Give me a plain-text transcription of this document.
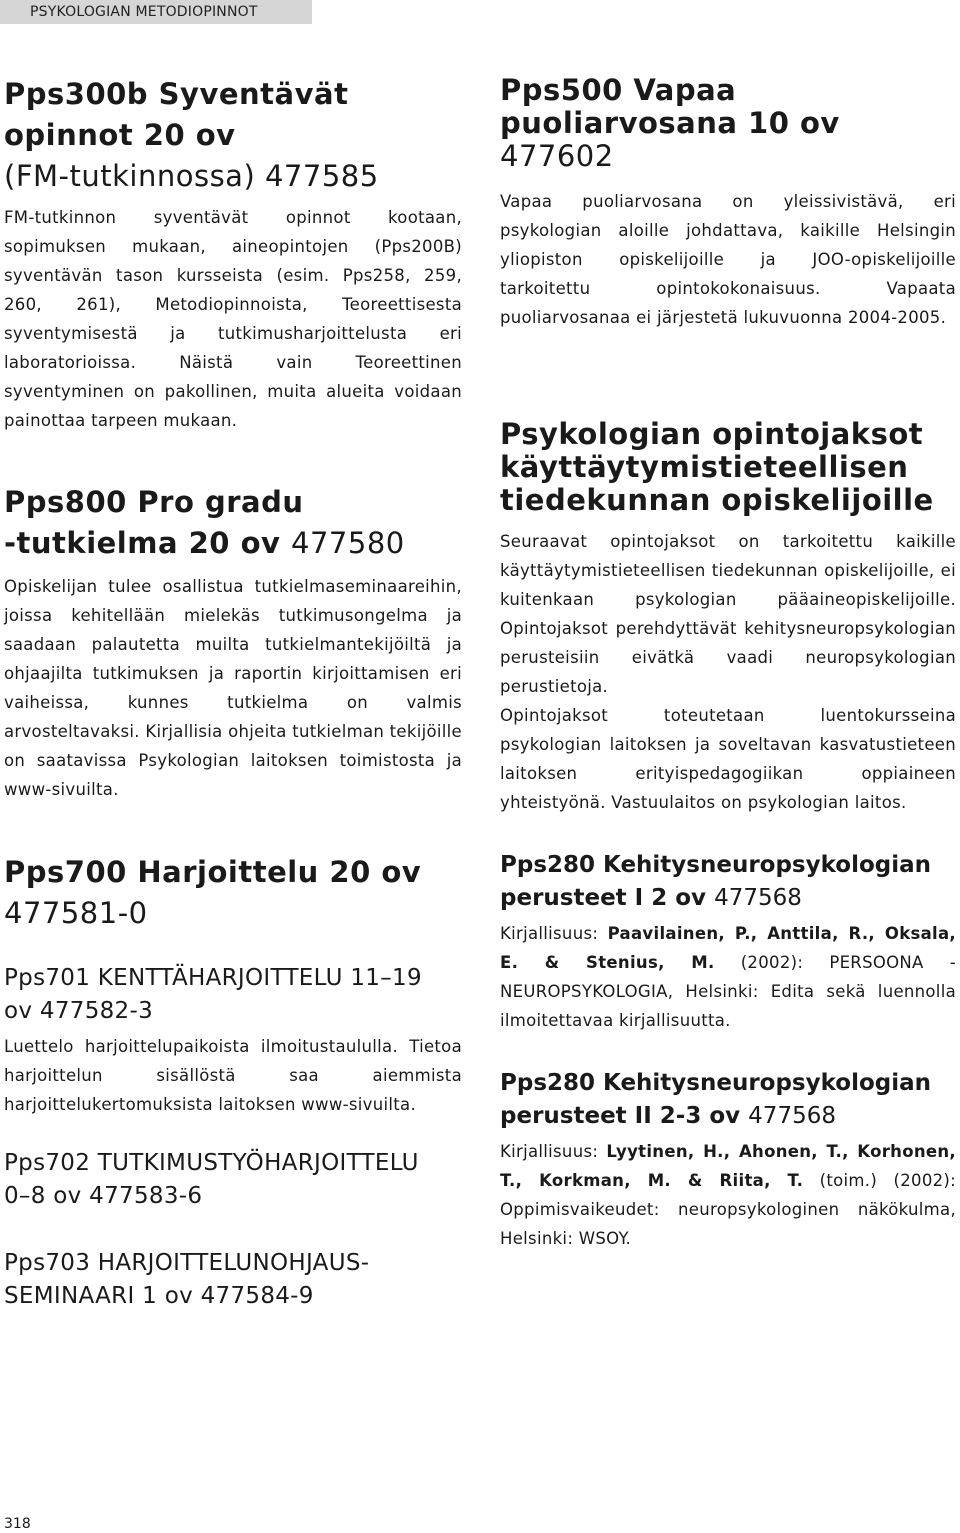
PSYKOLOGIAN METODIOPINNOT
Pps300b Syventävät
opinnot 20 ov
(FM-tutkinnossa) 477585

FM-tutkinnon syventävät opinnot kootaan, sopimuksen mukaan, aineopintojen (Pps200B) syventävän tason kursseista (esim. Pps258, 259, 260, 261), Metodiopinnoista, Teoreettisesta syventymisestä ja tutkimusharjoittelusta eri laboratorioissa. Näistä vain Teoreettinen syventyminen on pakollinen, muita alueita voidaan painottaa tarpeen mukaan.

Pps800 Pro gradu
-tutkielma 20 ov 477580

Opiskelijan tulee osallistua tutkielmaseminaareihin, joissa kehitellään mielekäs tutkimusongelma ja saadaan palautetta muilta tutkielmantekijöiltä ja ohjaajilta tutkimuksen ja raportin kirjoittamisen eri vaiheissa, kunnes tutkielma on valmis arvosteltavaksi. Kirjallisia ohjeita tutkielman tekijöille on saatavissa Psykologian laitoksen toimistosta ja www-sivuilta.

Pps700 Harjoittelu 20 ov
477581-0
Pps701 KENTTÄHARJOITTELU 11–19 ov 477582-3

Luettelo harjoittelupaikoista ilmoitustaululla. Tietoa harjoittelun sisällöstä saa aiemmista harjoittelukertomuksista laitoksen www-sivuilta.

Pps702 TUTKIMUSTYÖHARJOITTELU 0–8 ov 477583-6
Pps703 HARJOITTELUNOHJAUS-SEMINAARI 1 ov 477584-9
Pps500 Vapaa
puoliarvosana 10 ov 477602

Vapaa puoliarvosana on yleissivistävä, eri psykologian aloille johdattava, kaikille Helsingin yliopiston opiskelijoille ja JOO-opiskelijoille tarkoitettu opintokokonaisuus. Vapaata puoliarvosanaa ei järjestetä lukuvuonna 2004-2005.

Psykologian opintojaksot
käyttäytymistieteellisen
tiedekunnan opiskelijoille

Seuraavat opintojaksot on tarkoitettu kaikille käyttäytymistieteellisen tiedekunnan opiskelijoille, ei kuitenkaan psykologian pääaineopiskelijoille. Opintojaksot perehdyttävät kehitysneuropsykologian perusteisiin eivätkä vaadi neuropsykologian perustietoja.

Opintojaksot toteutetaan luentokursseina psykologian laitoksen ja soveltavan kasvatustieteen laitoksen erityispedagogiikan oppiaineen yhteistyönä. Vastuulaitos on psykologian laitos.

Pps280 Kehitysneuropsykologian
perusteet I 2 ov 477568

Kirjallisuus: Paavilainen, P., Anttila, R., Oksala, E. & Stenius, M. (2002): PERSOONA - NEUROPSYKOLOGIA, Helsinki: Edita sekä luennolla ilmoitettavaa kirjallisuutta.

Pps280 Kehitysneuropsykologian
perusteet II 2-3 ov 477568

Kirjallisuus: Lyytinen, H., Ahonen, T., Korhonen, T., Korkman, M. & Riita, T. (toim.) (2002): Oppimisvaikeudet: neuropsykologinen näkökulma, Helsinki: WSOY.

318
